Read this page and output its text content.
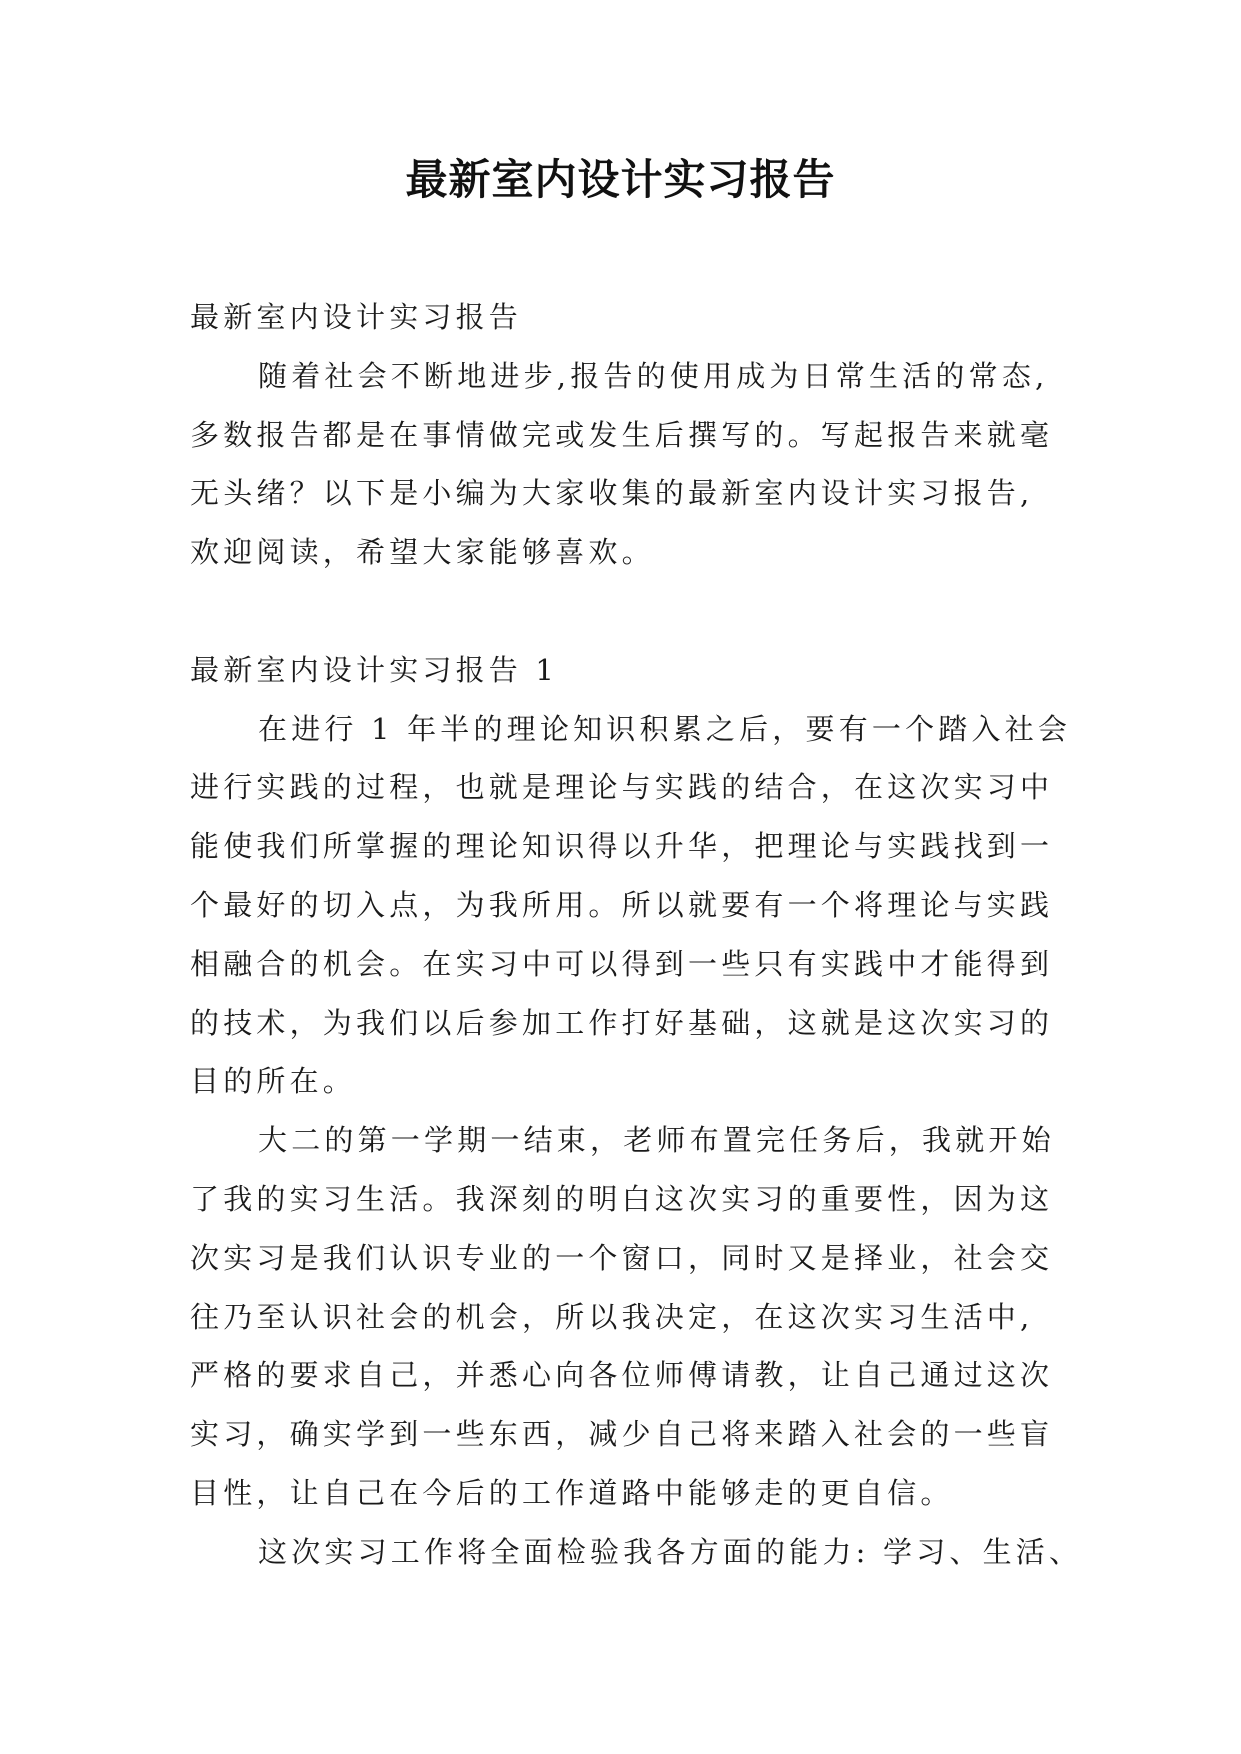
最新室内设计实习报告
最新室内设计实习报告
随着社会不断地进步,报告的使用成为日常生活的常态,
多数报告都是在事情做完或发生后撰写的。写起报告来就毫
无头绪？以下是小编为大家收集的最新室内设计实习报告,
欢迎阅读，希望大家能够喜欢。
最新室内设计实习报告 1
在进行 1 年半的理论知识积累之后，要有一个踏入社会
进行实践的过程，也就是理论与实践的结合，在这次实习中
能使我们所掌握的理论知识得以升华，把理论与实践找到一
个最好的切入点，为我所用。所以就要有一个将理论与实践
相融合的机会。在实习中可以得到一些只有实践中才能得到
的技术，为我们以后参加工作打好基础，这就是这次实习的
目的所在。
大二的第一学期一结束，老师布置完任务后，我就开始
了我的实习生活。我深刻的明白这次实习的重要性，因为这
次实习是我们认识专业的一个窗口，同时又是择业，社会交
往乃至认识社会的机会，所以我决定，在这次实习生活中,
严格的要求自己，并悉心向各位师傅请教，让自己通过这次
实习，确实学到一些东西，减少自己将来踏入社会的一些盲
目性，让自己在今后的工作道路中能够走的更自信。
这次实习工作将全面检验我各方面的能力: 学习、生活、
